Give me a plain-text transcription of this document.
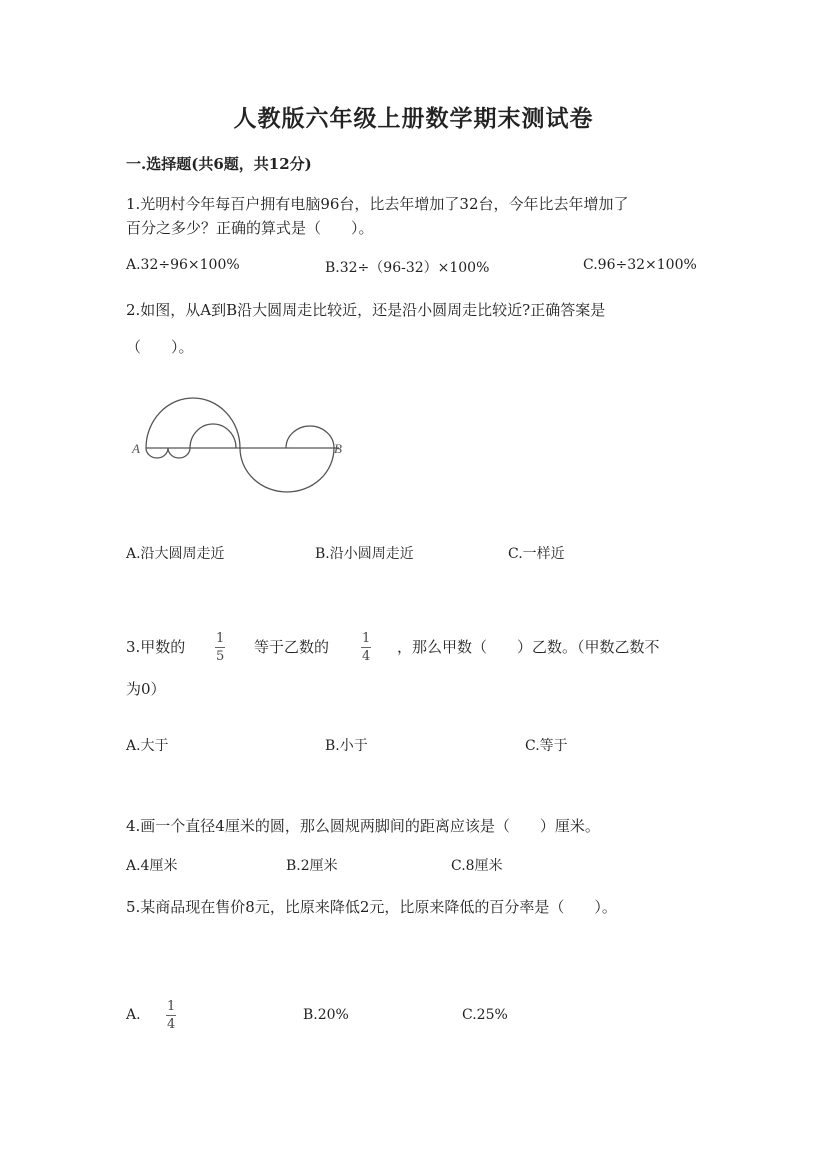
人教版六年级上册数学期末测试卷
一.选择题(共6题，共12分)
1.光明村今年每百户拥有电脑96台，比去年增加了32台，今年比去年增加了
百分之多少？正确的算式是（　　）。
A.32÷96×100%	B.32÷（96-32）×100%	C.96÷32×100%
2.如图，从A到B沿大圆周走比较近，还是沿小圆周走比较近?正确答案是
（　　）。
A	B
A.沿大圆周走近	B.沿小圆周走近	C.一样近
3.甲数的 $\frac{1}{5}$ 等于乙数的 $\frac{1}{4}$ ，那么甲数（　　）乙数。（甲数乙数不
为0）
A.大于	B.小于	C.等于
4.画一个直径4厘米的圆，那么圆规两脚间的距离应该是（　　）厘米。
A.4厘米	B.2厘米	C.8厘米
5.某商品现在售价8元，比原来降低2元，比原来降低的百分率是（　　）。
A. $\frac{1}{4}$	B.20%	C.25%
